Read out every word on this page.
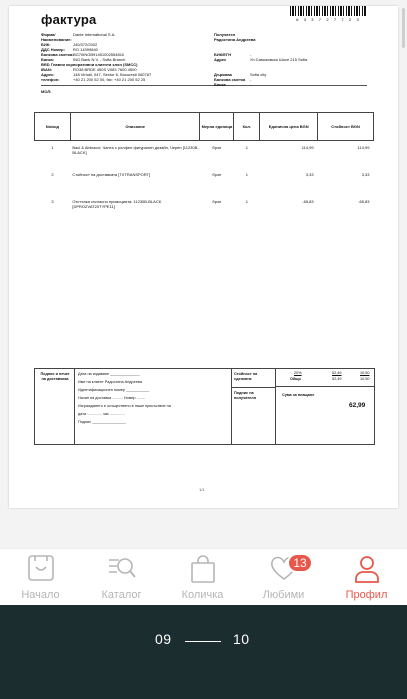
фактура	6 3 3 7 2 7 7 2 3
Фирма/	Dante International S.A.
Наименование:
БИК:	J40/372/2002
ДДС Номер: RO 14399840
Банкова сметка:BG70INGB91451002554810
Банка:	ING Bank N.V. - Sofia Branch
BRD Главни корпоративни клиенти клон (SMCC)
IBAN:	RO38 BRDE 450S V083 7600 4500
Адрес:	148 Virtuții, 047, Sector 6, București 060787
телефон:	+40 21 200 52 00, fax: +40 21 200 52 25
МОЛ:
Получател
Радостина Андреева
БИК/ЕГН	-
Адрес	Ул.Самоковско Шосе 215 Sofia
Държава	Sofia city
Банкова сметка -
Банка	-
No/код	Описание	Мерна единица	Кол.	Единична цена BGN	Стойност BGN
1	Baci & Abbracci, Чанта с ролфен фигурален дизайн, Черен [11230B-BLACK]	брое	1	114,99	114,99
2	Стойност на доставката [TXTRANSPORT]	брое	1	3,33	3,33
3	Отстъпка съгласно промоцията: 11230B-BLACK [DPROZVAT20TYPE11]	брое	1	-65,83	-65,83
Подпис и печат на доставчика
Дата на издаване ______________
Име на клиент Радостина Андреева
Идентификационен номер ___________
Начин на доставка .......... Номер ........
Изграждането е осъществено в наше присъствие на
дата .............. час ..............
Подпис ________________
Стойност на сделката:
Подпис на получателя
20%	52,49	10,50
Общо	52,49	10,50
Сума за плащане
62,99
1/1
Начало	Каталог	Количка
13
Любими	Профил
09	10
